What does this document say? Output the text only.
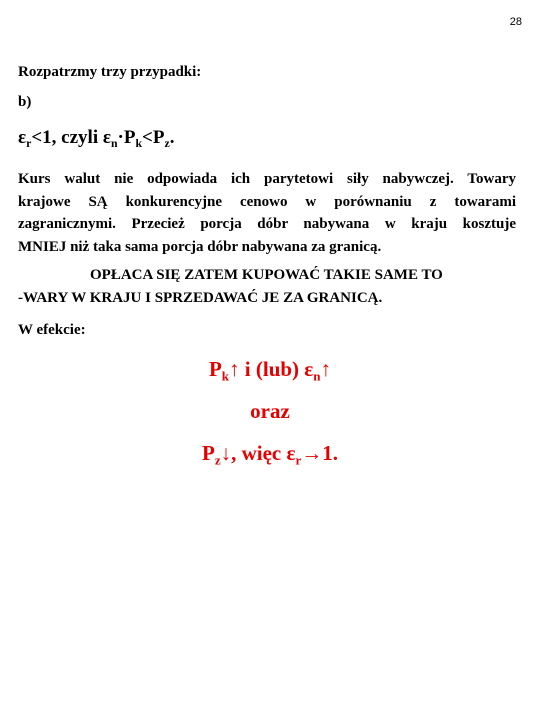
28
Rozpatrzmy trzy przypadki:
b)
$\varepsilon_r<1$, czyli $\varepsilon_n\cdot P_k<P_z$.
Kurs walut nie odpowiada ich parytetowi siły nabywczej. Towary
krajowe SĄ konkurencyjne cenowo w porównaniu z towarami
zagranicznymi. Przecież porcja dóbr nabywana w kraju kosztuje
MNIEJ niż taka sama porcja dóbr nabywana za granicą.
OPŁACA SIĘ ZATEM KUPOWAĆ TAKIE SAME TO
-WARY W KRAJU I SPRZEDAWAĆ JE ZA GRANICĄ.
W efekcie:
$P_k↑$ i (lub) $\varepsilon_n↑$
oraz
$P_z↓$, więc $\varepsilon_r\to 1$.
